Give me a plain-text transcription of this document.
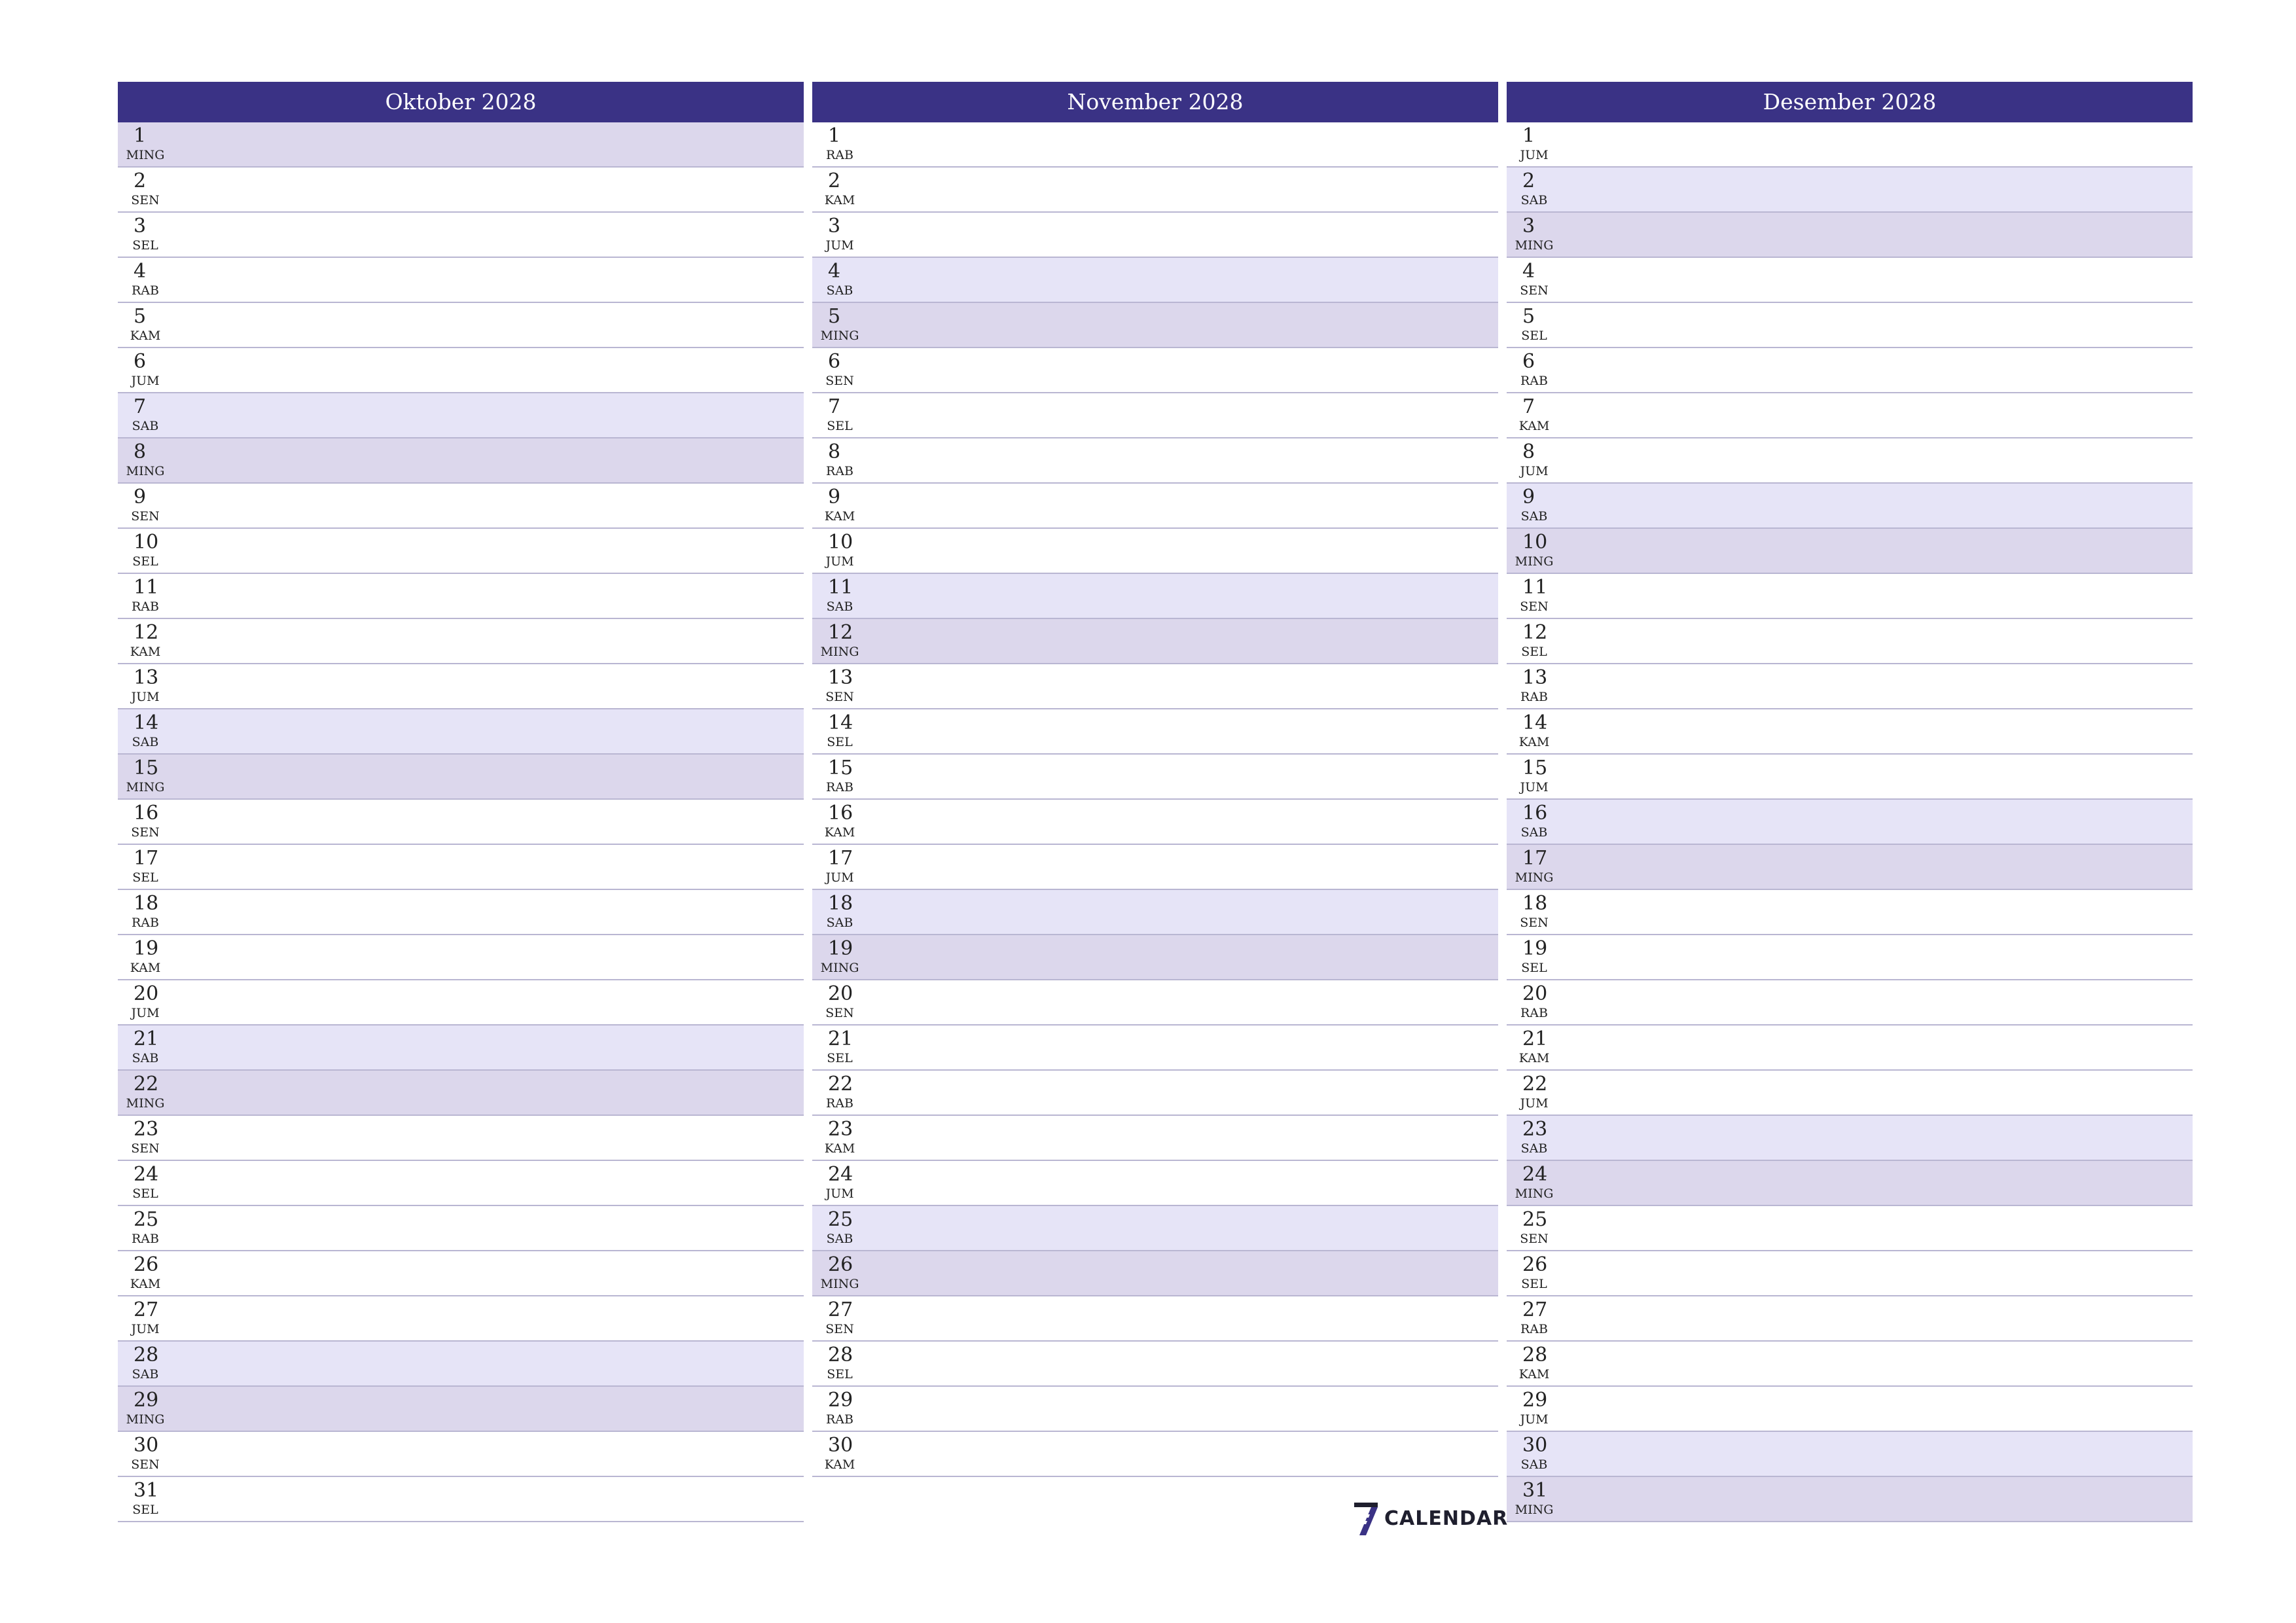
Oktober 2028
1
MING
2
SEN
3
SEL
4
RAB
5
KAM
6
JUM
7
SAB
8
MING
9
SEN
10
SEL
11
RAB
12
KAM
13
JUM
14
SAB
15
MING
16
SEN
17
SEL
18
RAB
19
KAM
20
JUM
21
SAB
22
MING
23
SEN
24
SEL
25
RAB
26
KAM
27
JUM
28
SAB
29
MING
30
SEN
31
SEL
November 2028
1
RAB
2
KAM
3
JUM
4
SAB
5
MING
6
SEN
7
SEL
8
RAB
9
KAM
10
JUM
11
SAB
12
MING
13
SEN
14
SEL
15
RAB
16
KAM
17
JUM
18
SAB
19
MING
20
SEN
21
SEL
22
RAB
23
KAM
24
JUM
25
SAB
26
MING
27
SEN
28
SEL
29
RAB
30
KAM
Desember 2028
1
JUM
2
SAB
3
MING
4
SEN
5
SEL
6
RAB
7
KAM
8
JUM
9
SAB
10
MING
11
SEN
12
SEL
13
RAB
14
KAM
15
JUM
16
SAB
17
MING
18
SEN
19
SEL
20
RAB
21
KAM
22
JUM
23
SAB
24
MING
25
SEN
26
SEL
27
RAB
28
KAM
29
JUM
30
SAB
31
MING
CALENDAR
